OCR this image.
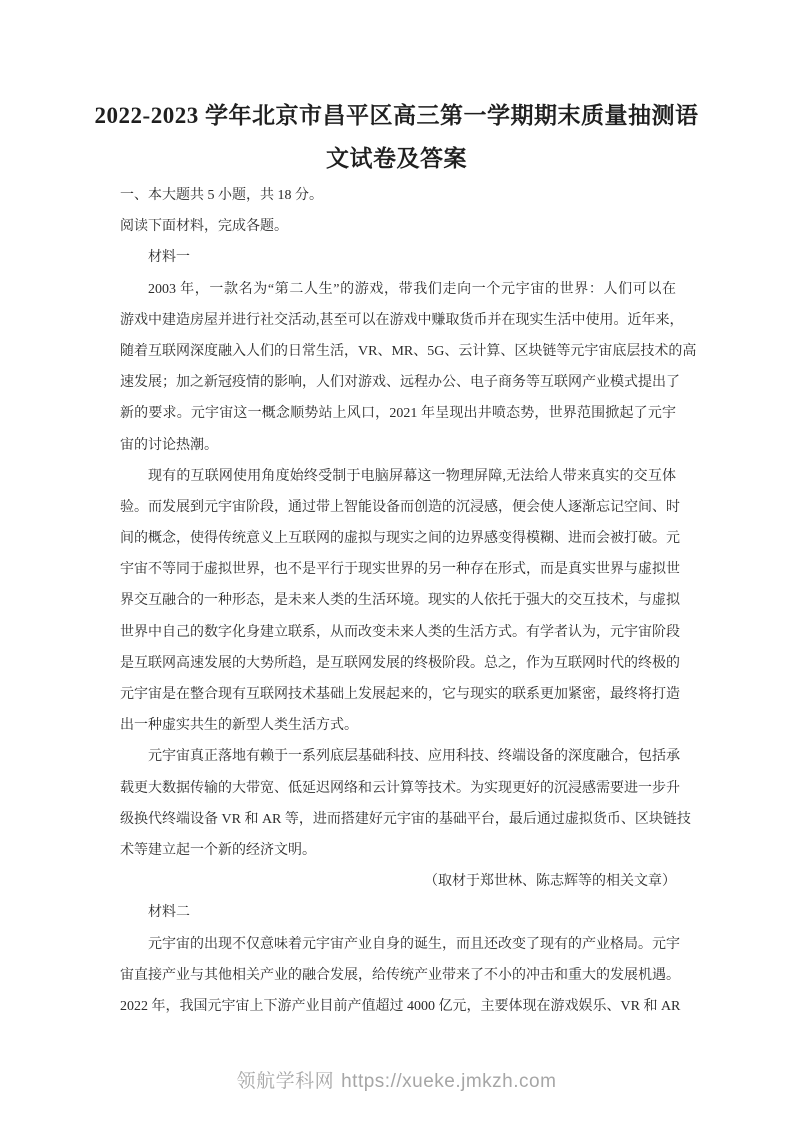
2022-2023 学年北京市昌平区高三第一学期期末质量抽测语
文试卷及答案
一、本大题共 5 小题，共 18 分。
阅读下面材料，完成各题。
材料一
2003 年，一款名为“第二人生”的游戏，带我们走向一个元宇宙的世界：人们可以在
游戏中建造房屋并进行社交活动,甚至可以在游戏中赚取货币并在现实生活中使用。近年来，
随着互联网深度融入人们的日常生活，VR、MR、5G、云计算、区块链等元宇宙底层技术的高
速发展；加之新冠疫情的影响，人们对游戏、远程办公、电子商务等互联网产业模式提出了
新的要求。元宇宙这一概念顺势站上风口，2021 年呈现出井喷态势，世界范围掀起了元宇
宙的讨论热潮。
现有的互联网使用角度始终受制于电脑屏幕这一物理屏障,无法给人带来真实的交互体
验。而发展到元宇宙阶段，通过带上智能设备而创造的沉浸感，便会使人逐渐忘记空间、时
间的概念，使得传统意义上互联网的虚拟与现实之间的边界感变得模糊、进而会被打破。元
宇宙不等同于虚拟世界，也不是平行于现实世界的另一种存在形式，而是真实世界与虚拟世
界交互融合的一种形态，是未来人类的生活环境。现实的人依托于强大的交互技术，与虚拟
世界中自己的数字化身建立联系，从而改变未来人类的生活方式。有学者认为，元宇宙阶段
是互联网高速发展的大势所趋，是互联网发展的终极阶段。总之，作为互联网时代的终极的
元宇宙是在整合现有互联网技术基础上发展起来的，它与现实的联系更加紧密，最终将打造
出一种虚实共生的新型人类生活方式。
元宇宙真正落地有赖于一系列底层基础科技、应用科技、终端设备的深度融合，包括承
载更大数据传输的大带宽、低延迟网络和云计算等技术。为实现更好的沉浸感需要进一步升
级换代终端设备 VR 和 AR 等，进而搭建好元宇宙的基础平台，最后通过虚拟货币、区块链技
术等建立起一个新的经济文明。
（取材于郑世林、陈志辉等的相关文章）
材料二
元宇宙的出现不仅意味着元宇宙产业自身的诞生，而且还改变了现有的产业格局。元宇
宙直接产业与其他相关产业的融合发展，给传统产业带来了不小的冲击和重大的发展机遇。
2022 年，我国元宇宙上下游产业目前产值超过 4000 亿元，主要体现在游戏娱乐、VR 和 AR
领航学科网 https://xueke.jmkzh.com
